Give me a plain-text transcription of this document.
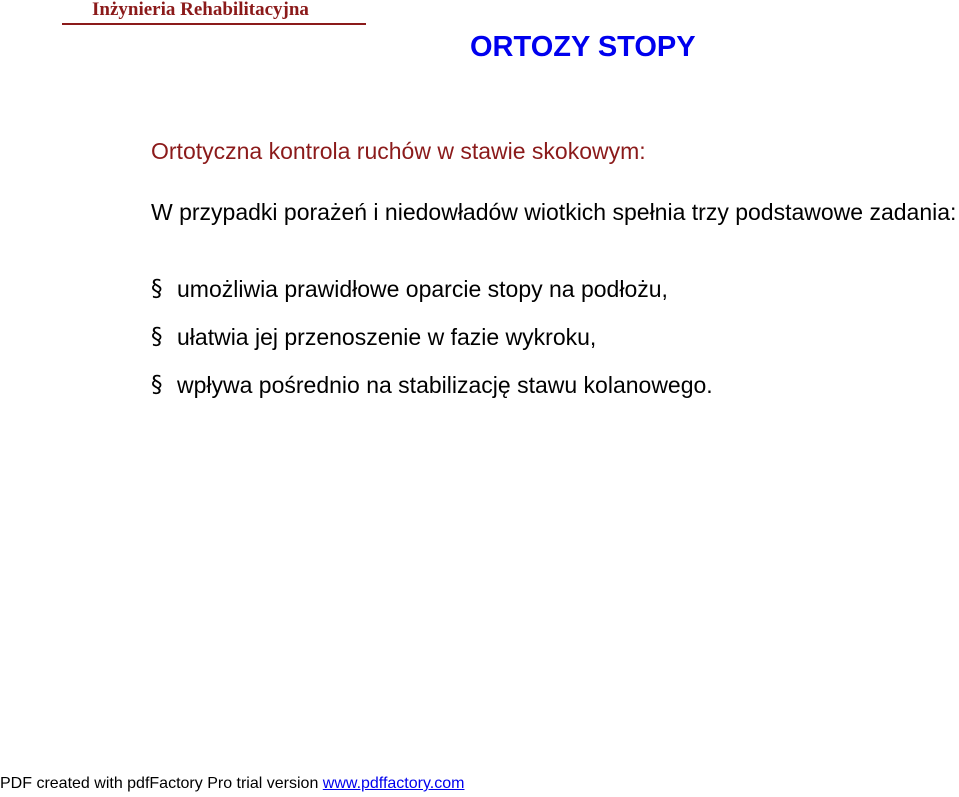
Inżynieria Rehabilitacyjna
ORTOZY STOPY
Ortotyczna kontrola ruchów w stawie skokowym:
W przypadki porażeń i niedowładów wiotkich spełnia trzy podstawowe zadania:
§ umożliwia prawidłowe oparcie stopy na podłożu,
§ ułatwia jej przenoszenie w fazie wykroku,
§ wpływa pośrednio na stabilizację stawu kolanowego.
PDF created with pdfFactory Pro trial version www.pdffactory.com
